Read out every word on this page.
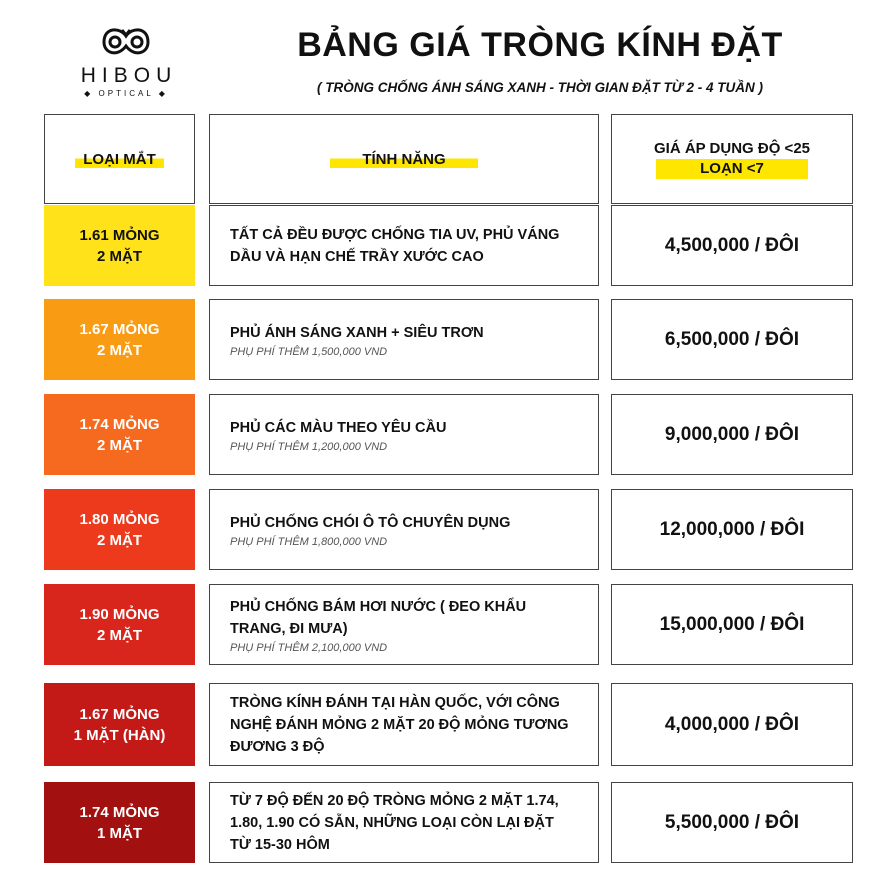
HIBOU
◆ OPTICAL ◆
BẢNG GIÁ TRÒNG KÍNH ĐẶT
( TRÒNG CHỐNG ÁNH SÁNG XANH - THỜI GIAN ĐẶT TỪ 2 - 4 TUẦN )
LOẠI MẮT	TÍNH NĂNG
GIÁ ÁP DỤNG ĐỘ <25
LOẠN <7
1.61 MỎNG
2 MẶT
TẤT CẢ ĐỀU ĐƯỢC CHỐNG TIA UV, PHỦ VÁNG DẦU VÀ HẠN CHẾ TRẦY XƯỚC CAO
4,500,000 / ĐÔI
1.67 MỎNG
2 MẶT
PHỦ ÁNH SÁNG XANH + SIÊU TRƠN
PHỤ PHÍ THÊM 1,500,000 VND
6,500,000 / ĐÔI
1.74 MỎNG
2 MẶT
PHỦ CÁC MÀU THEO YÊU CẦU
PHỤ PHÍ THÊM 1,200,000 VND
9,000,000 / ĐÔI
1.80 MỎNG
2 MẶT
PHỦ CHỐNG CHÓI Ô TÔ CHUYÊN DỤNG
PHỤ PHÍ THÊM 1,800,000 VND
12,000,000 / ĐÔI
1.90 MỎNG
2 MẶT
PHỦ CHỐNG BÁM HƠI NƯỚC ( ĐEO KHẨU TRANG, ĐI MƯA)
PHỤ PHÍ THÊM 2,100,000 VND
15,000,000 / ĐÔI
1.67 MỎNG
1 MẶT (HÀN)
TRÒNG KÍNH ĐÁNH TẠI HÀN QUỐC, VỚI CÔNG NGHỆ ĐÁNH MỎNG 2 MẶT 20 ĐỘ MỎNG TƯƠNG ĐƯƠNG 3 ĐỘ
4,000,000 / ĐÔI
1.74 MỎNG
1 MẶT
TỪ 7 ĐỘ ĐẾN 20 ĐỘ TRÒNG MỎNG 2 MẶT 1.74, 1.80, 1.90 CÓ SẴN, NHỮNG LOẠI CÒN LẠI ĐẶT TỪ 15-30 HÔM
5,500,000 / ĐÔI
